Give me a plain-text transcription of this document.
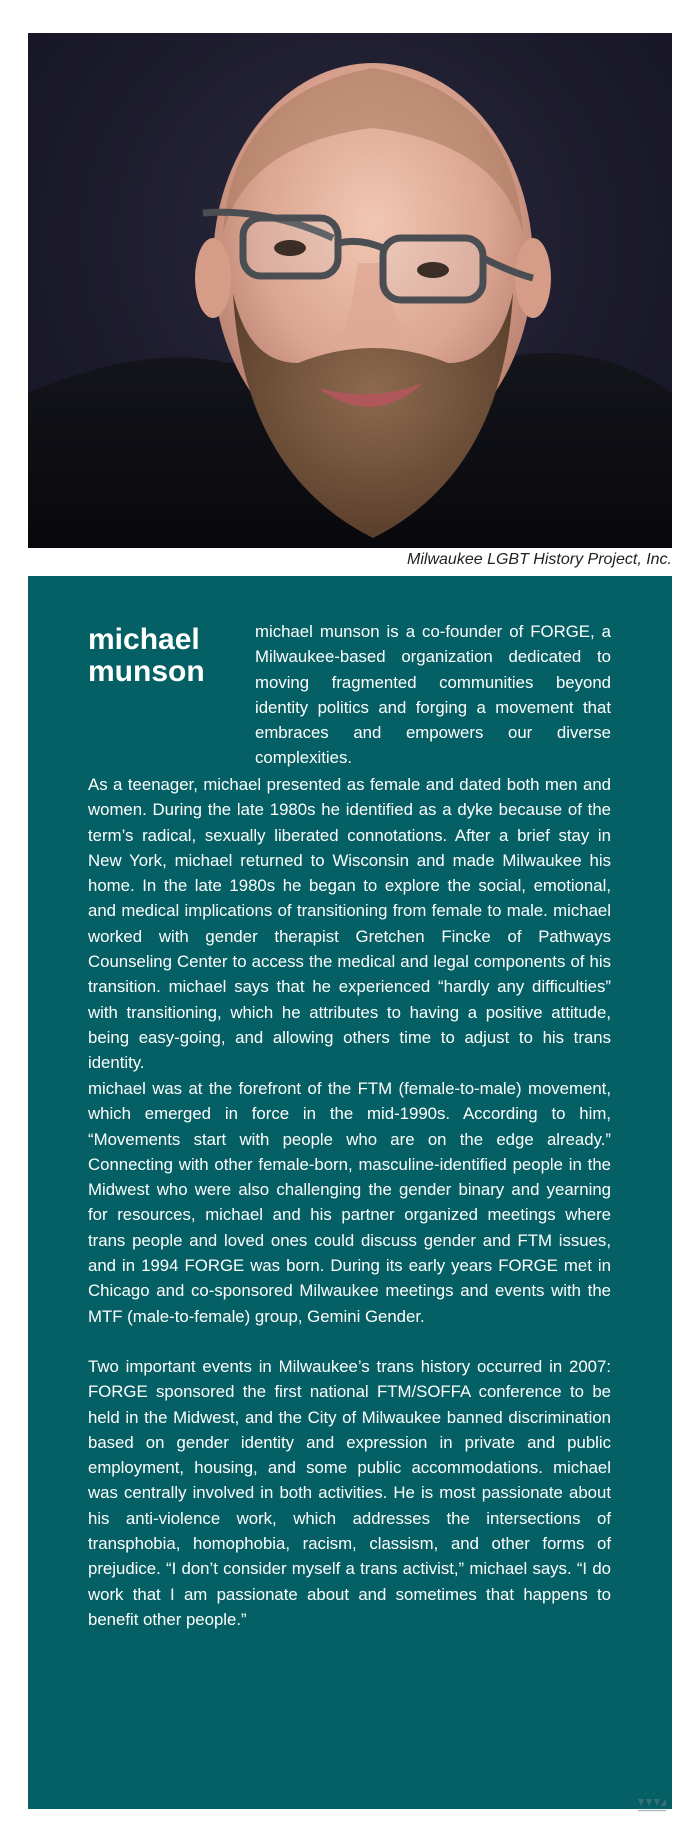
Milwaukee LGBT History Project, Inc.
michael
munson

michael munson is a co-founder of FORGE, a Milwaukee-based organization dedicated to moving fragmented communities beyond identity politics and forging a movement that embraces and empowers our diverse complexities.

As a teenager, michael presented as female and dated both men and women. During the late 1980s he identified as a dyke because of the term’s radical, sexually liberated connotations. After a brief stay in New York, michael returned to Wisconsin and made Milwaukee his home. In the late 1980s he began to explore the social, emotional, and medical implications of transitioning from female to male. michael worked with gender therapist Gretchen Fincke of Pathways Counseling Center to access the medical and legal components of his transition. michael says that he experienced “hardly any difficulties” with transitioning, which he attributes to having a positive attitude, being easy-going, and allowing others time to adjust to his trans identity.

michael was at the forefront of the FTM (female-to-male) movement, which emerged in force in the mid-1990s. According to him, “Movements start with people who are on the edge already.” Connecting with other female-born, masculine-identified people in the Midwest who were also challenging the gender binary and yearning for resources, michael and his partner organized meetings where trans people and loved ones could discuss gender and FTM issues, and in 1994 FORGE was born. During its early years FORGE met in Chicago and co-sponsored Milwaukee meetings and events with the MTF (male-to-female) group, Gemini Gender.

Two important events in Milwaukee’s trans history occurred in 2007: FORGE sponsored the first national FTM/SOFFA conference to be held in the Midwest, and the City of Milwaukee banned discrimination based on gender identity and expression in private and public employment, housing, and some public accommodations. michael was centrally involved in both activities. He is most passionate about his anti-violence work, which addresses the intersections of transphobia, homophobia, racism, classism, and other forms of prejudice. “I don’t consider myself a trans activist,” michael says. “I do work that I am passionate about and sometimes that happens to benefit other people.”
